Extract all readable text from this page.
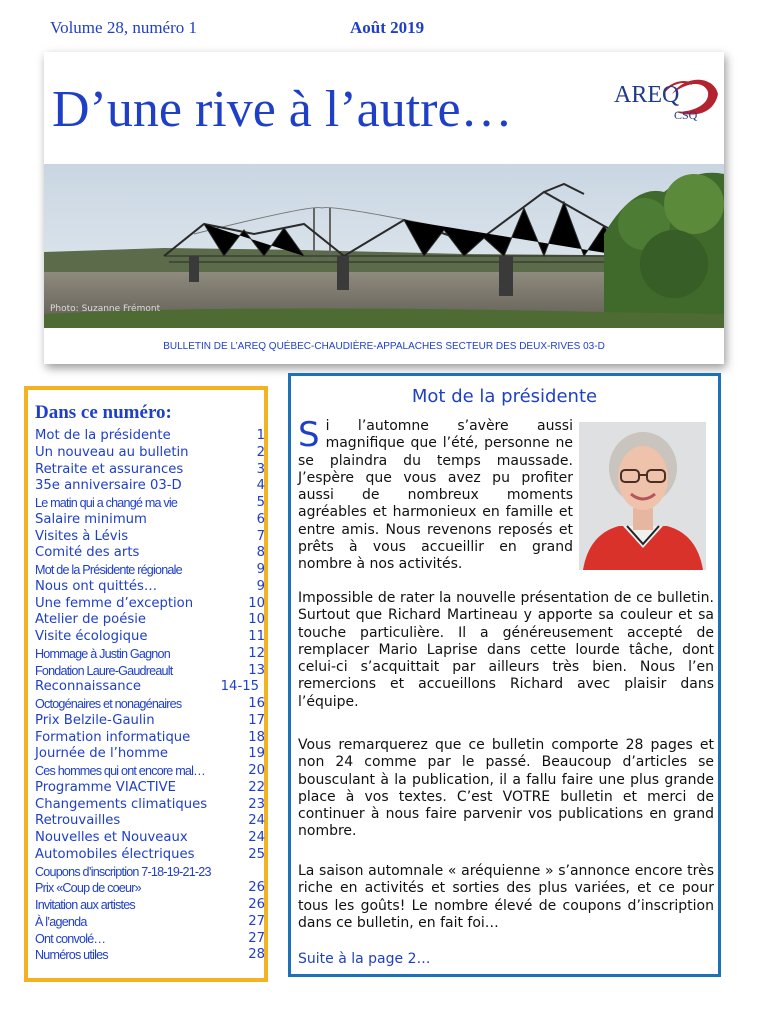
Volume 28, numéro 1	Août 2019
D’une rive à l’autre…	AREQ
CSQ
Photo: Suzanne Frémont
BULLETIN DE L’AREQ QUÉBEC-CHAUDIÈRE-APPALACHES SECTEUR DES DEUX-RIVES 03-D
Dans ce numéro:
Mot de la présidente	1
Un nouveau au bulletin	2
Retraite et assurances	3
35e anniversaire 03-D	4
Le matin qui a changé ma vie	5
Salaire minimum	6
Visites à Lévis	7
Comité des arts	8
Mot de la Présidente régionale	9
Nous ont quittés…	9
Une femme d’exception	10
Atelier de poésie	10
Visite écologique	11
Hommage à Justin Gagnon	12
Fondation Laure-Gaudreault	13
Reconnaissance	14-15
Octogénaires et nonagénaires	16
Prix Belzile-Gaulin	17
Formation informatique	18
Journée de l’homme	19
Ces hommes qui ont encore mal…	20
Programme VIACTIVE	22
Changements climatiques	23
Retrouvailles	24
Nouvelles et Nouveaux	24
Automobiles électriques	25
Coupons d’inscription 7-18-19-21-23
Prix «Coup de coeur»	26
Invitation aux artistes	26
À l’agenda	27
Ont convolé…	27
Numéros utiles	28
Mot de la présidente
Si l’automne s’avère aussi magnifique que l’été, personne ne se plaindra du temps maussade. J’espère que vous avez pu profiter aussi de nombreux moments agréables et harmonieux en famille et entre amis. Nous revenons reposés et prêts à vous accueillir en grand nombre à nos activités.
Impossible de rater la nouvelle présentation de ce bulletin. Surtout que Richard Martineau y apporte sa couleur et sa touche particulière. Il a généreusement accepté de remplacer Mario Laprise dans cette lourde tâche, dont celui-ci s’acquittait par ailleurs très bien. Nous l’en remercions et accueillons Richard avec plaisir dans l’équipe.
Vous remarquerez que ce bulletin comporte 28 pages et non 24 comme par le passé. Beaucoup d’articles se bousculant à la publication, il a fallu faire une plus grande place à vos textes. C’est VOTRE bulletin et merci de continuer à nous faire parvenir vos publications en grand nombre.
La saison automnale « aréquienne » s’annonce encore très riche en activités et sorties des plus variées, et ce pour tous les goûts! Le nombre élevé de coupons d’inscription dans ce bulletin, en fait foi…
Suite à la page 2…
